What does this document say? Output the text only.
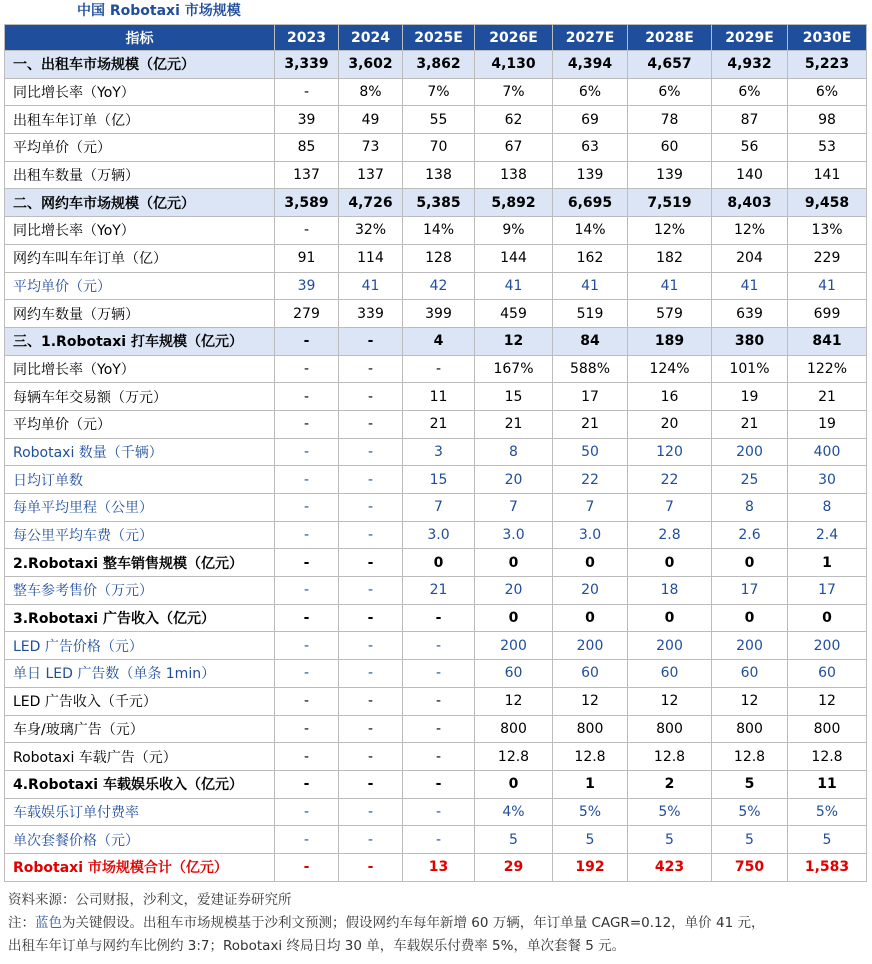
中国 Robotaxi 市场规模
指标	2023	2024	2025E	2026E	2027E	2028E	2029E	2030E
一、出租车市场规模（亿元）	3,339	3,602	3,862	4,130	4,394	4,657	4,932	5,223
同比增长率（YoY）	-	8%	7%	7%	6%	6%	6%	6%
出租车年订单（亿）	39	49	55	62	69	78	87	98
平均单价（元）	85	73	70	67	63	60	56	53
出租车数量（万辆）	137	137	138	138	139	139	140	141
二、网约车市场规模（亿元）	3,589	4,726	5,385	5,892	6,695	7,519	8,403	9,458
同比增长率（YoY）	-	32%	14%	9%	14%	12%	12%	13%
网约车叫车年订单（亿）	91	114	128	144	162	182	204	229
平均单价（元）	39	41	42	41	41	41	41	41
网约车数量（万辆）	279	339	399	459	519	579	639	699
三、1.Robotaxi 打车规模（亿元）	-	-	4	12	84	189	380	841
同比增长率（YoY）	-	-	-	167%	588%	124%	101%	122%
每辆车年交易额（万元）	-	-	11	15	17	16	19	21
平均单价（元）	-	-	21	21	21	20	21	19
Robotaxi 数量（千辆）	-	-	3	8	50	120	200	400
日均订单数	-	-	15	20	22	22	25	30
每单平均里程（公里）	-	-	7	7	7	7	8	8
每公里平均车费（元）	-	-	3.0	3.0	3.0	2.8	2.6	2.4
2.Robotaxi 整车销售规模（亿元）	-	-	0	0	0	0	0	1
整车参考售价（万元）	-	-	21	20	20	18	17	17
3.Robotaxi 广告收入（亿元）	-	-	-	0	0	0	0	0
LED 广告价格（元）	-	-	-	200	200	200	200	200
单日 LED 广告数（单条 1min）	-	-	-	60	60	60	60	60
LED 广告收入（千元）	-	-	-	12	12	12	12	12
车身/玻璃广告（元）	-	-	-	800	800	800	800	800
Robotaxi 车载广告（元）	-	-	-	12.8	12.8	12.8	12.8	12.8
4.Robotaxi 车载娱乐收入（亿元）	-	-	-	0	1	2	5	11
车载娱乐订单付费率	-	-	-	4%	5%	5%	5%	5%
单次套餐价格（元）	-	-	-	5	5	5	5	5
Robotaxi 市场规模合计（亿元）	-	-	13	29	192	423	750	1,583
资料来源：公司财报，沙利文，爱建证券研究所
注：蓝色为关键假设。出租车市场规模基于沙利文预测；假设网约车每年新增 60 万辆，年订单量 CAGR=0.12，单价 41 元，
出租车年订单与网约车比例约 3:7；Robotaxi 终局日均 30 单，车载娱乐付费率 5%，单次套餐 5 元。
